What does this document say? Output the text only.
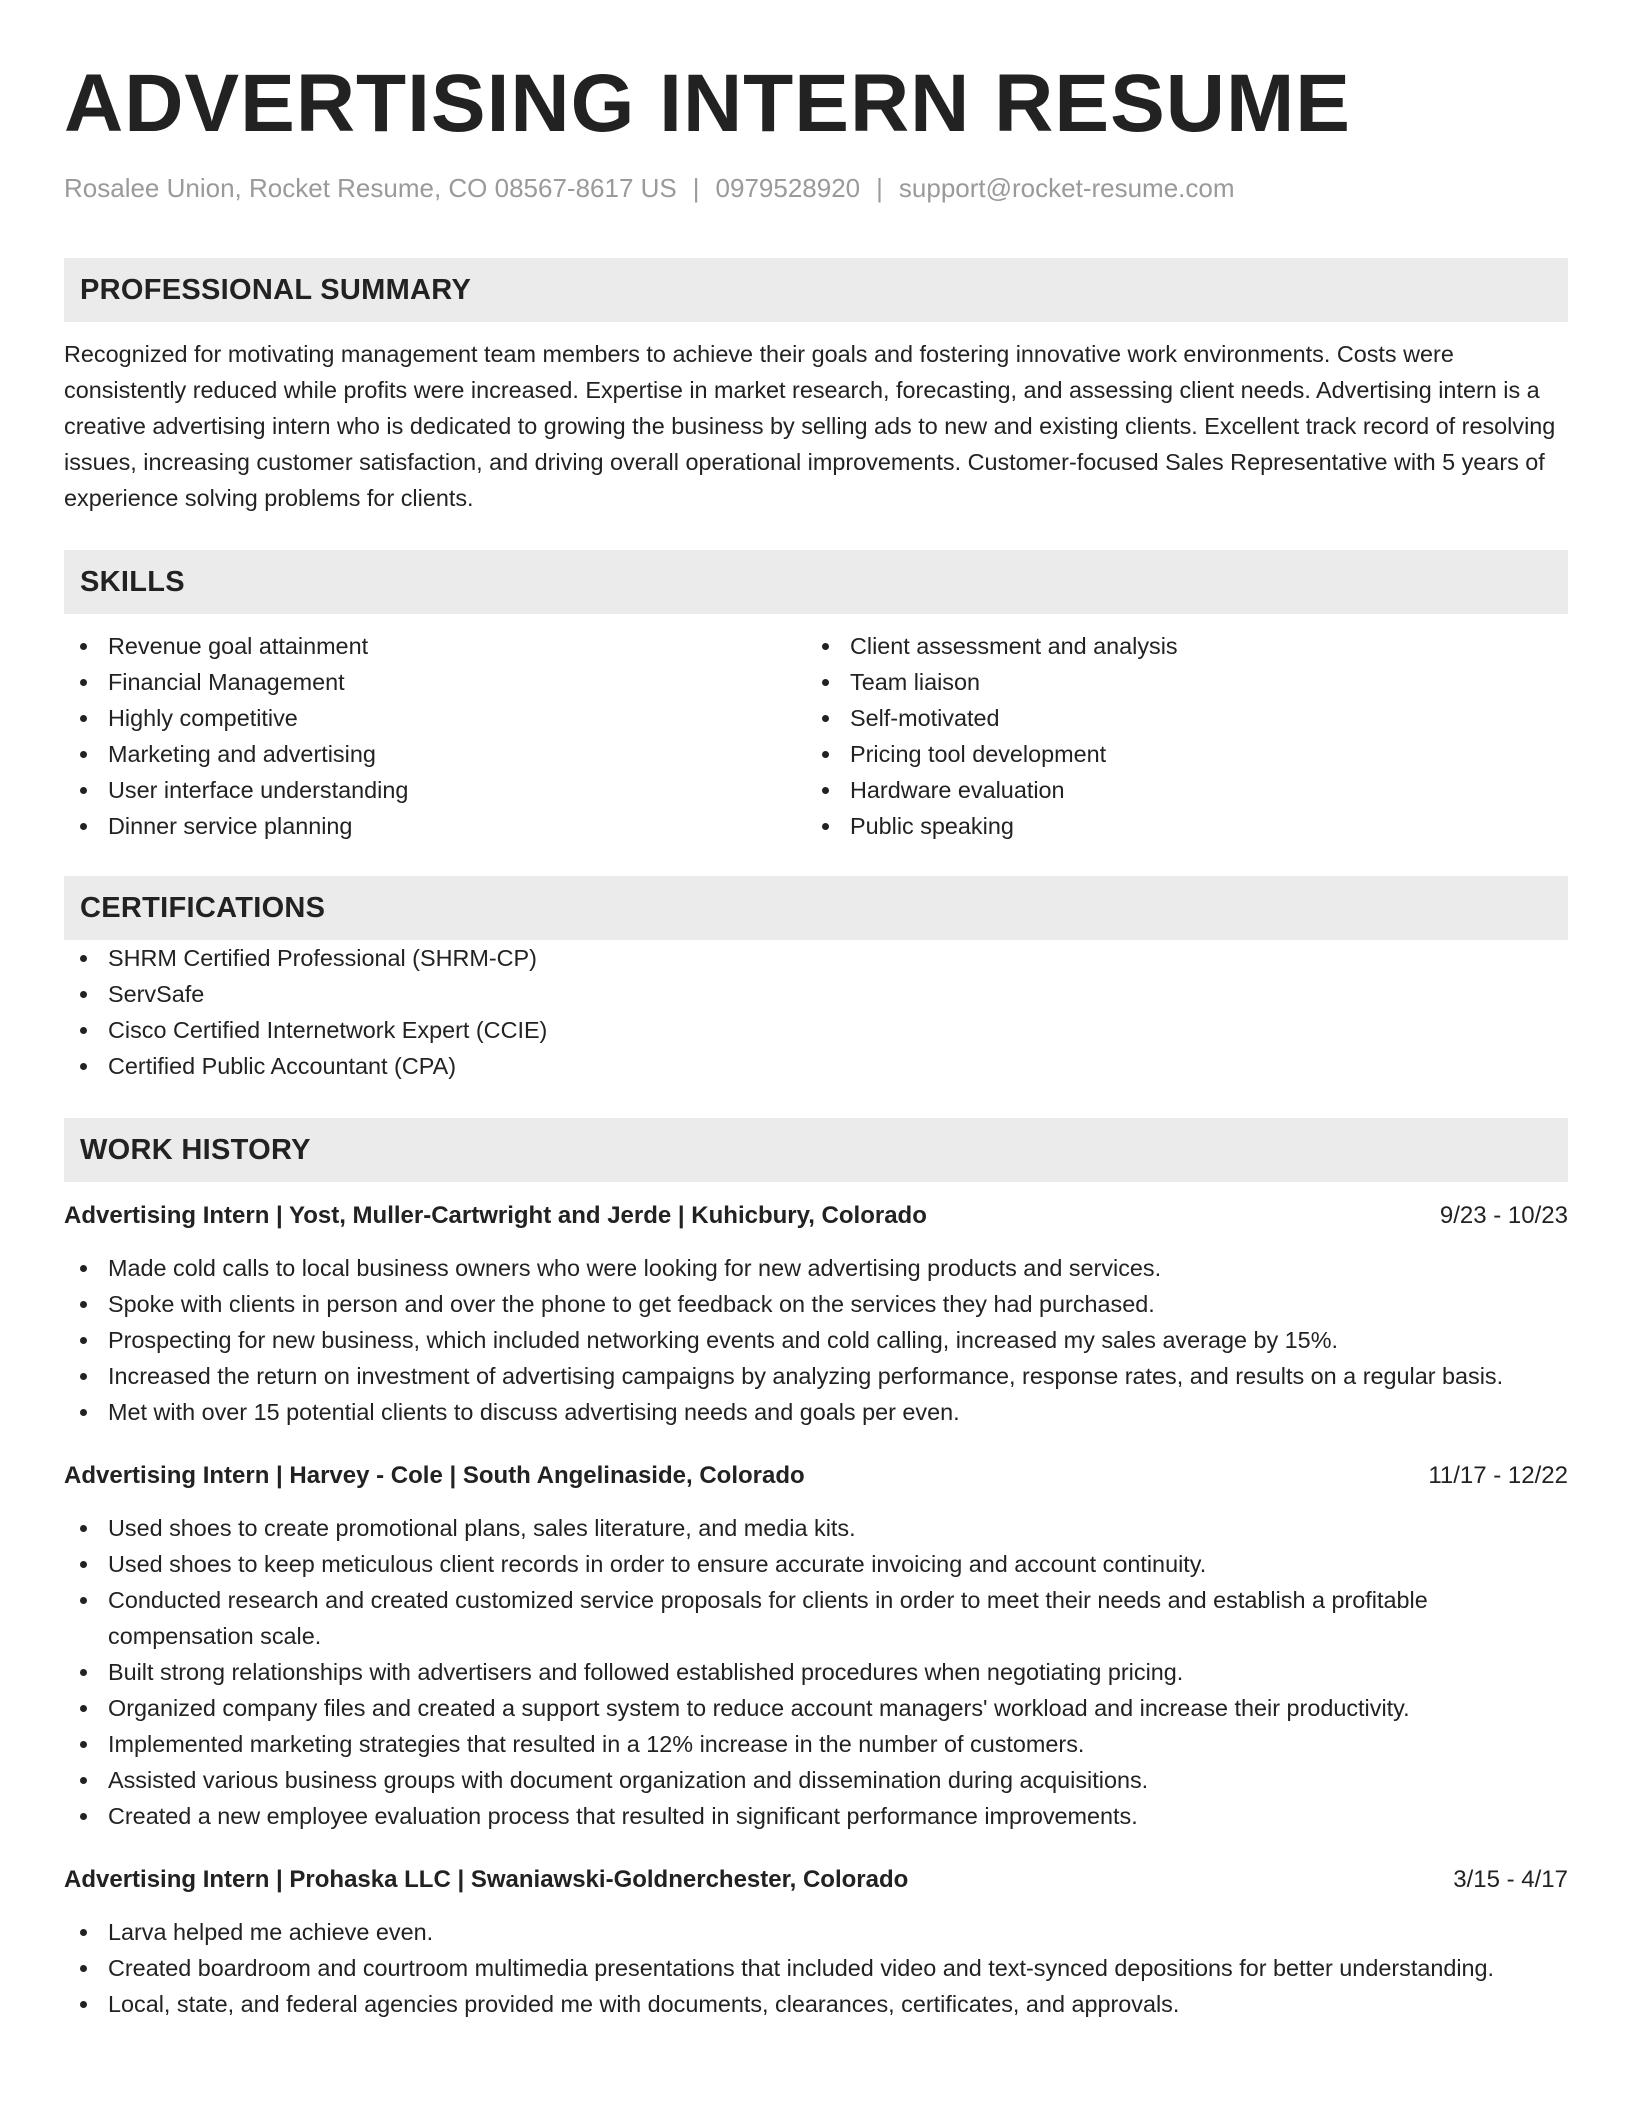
ADVERTISING INTERN RESUME
Rosalee Union, Rocket Resume, CO 08567-8617 US | 0979528920 | support@rocket-resume.com
PROFESSIONAL SUMMARY

Recognized for motivating management team members to achieve their goals and fostering innovative work environments. Costs were consistently reduced while profits were increased. Expertise in market research, forecasting, and assessing client needs. Advertising intern is a creative advertising intern who is dedicated to growing the business by selling ads to new and existing clients. Excellent track record of resolving issues, increasing customer satisfaction, and driving overall operational improvements. Customer-focused Sales Representative with 5 years of experience solving problems for clients.

SKILLS
Revenue goal attainment
Financial Management
Highly competitive
Marketing and advertising
User interface understanding
Dinner service planning
Client assessment and analysis
Team liaison
Self-motivated
Pricing tool development
Hardware evaluation
Public speaking
CERTIFICATIONS
SHRM Certified Professional (SHRM-CP)
ServSafe
Cisco Certified Internetwork Expert (CCIE)
Certified Public Accountant (CPA)
WORK HISTORY
Advertising Intern | Yost, Muller-Cartwright and Jerde | Kuhicbury, Colorado	9/23 - 10/23
Made cold calls to local business owners who were looking for new advertising products and services.
Spoke with clients in person and over the phone to get feedback on the services they had purchased.
Prospecting for new business, which included networking events and cold calling, increased my sales average by 15%.
Increased the return on investment of advertising campaigns by analyzing performance, response rates, and results on a regular basis.
Met with over 15 potential clients to discuss advertising needs and goals per even.
Advertising Intern | Harvey - Cole | South Angelinaside, Colorado	11/17 - 12/22
Used shoes to create promotional plans, sales literature, and media kits.
Used shoes to keep meticulous client records in order to ensure accurate invoicing and account continuity.
Conducted research and created customized service proposals for clients in order to meet their needs and establish a profitable compensation scale.
Built strong relationships with advertisers and followed established procedures when negotiating pricing.
Organized company files and created a support system to reduce account managers' workload and increase their productivity.
Implemented marketing strategies that resulted in a 12% increase in the number of customers.
Assisted various business groups with document organization and dissemination during acquisitions.
Created a new employee evaluation process that resulted in significant performance improvements.
Advertising Intern | Prohaska LLC | Swaniawski-Goldnerchester, Colorado	3/15 - 4/17
Larva helped me achieve even.
Created boardroom and courtroom multimedia presentations that included video and text-synced depositions for better understanding.
Local, state, and federal agencies provided me with documents, clearances, certificates, and approvals.
